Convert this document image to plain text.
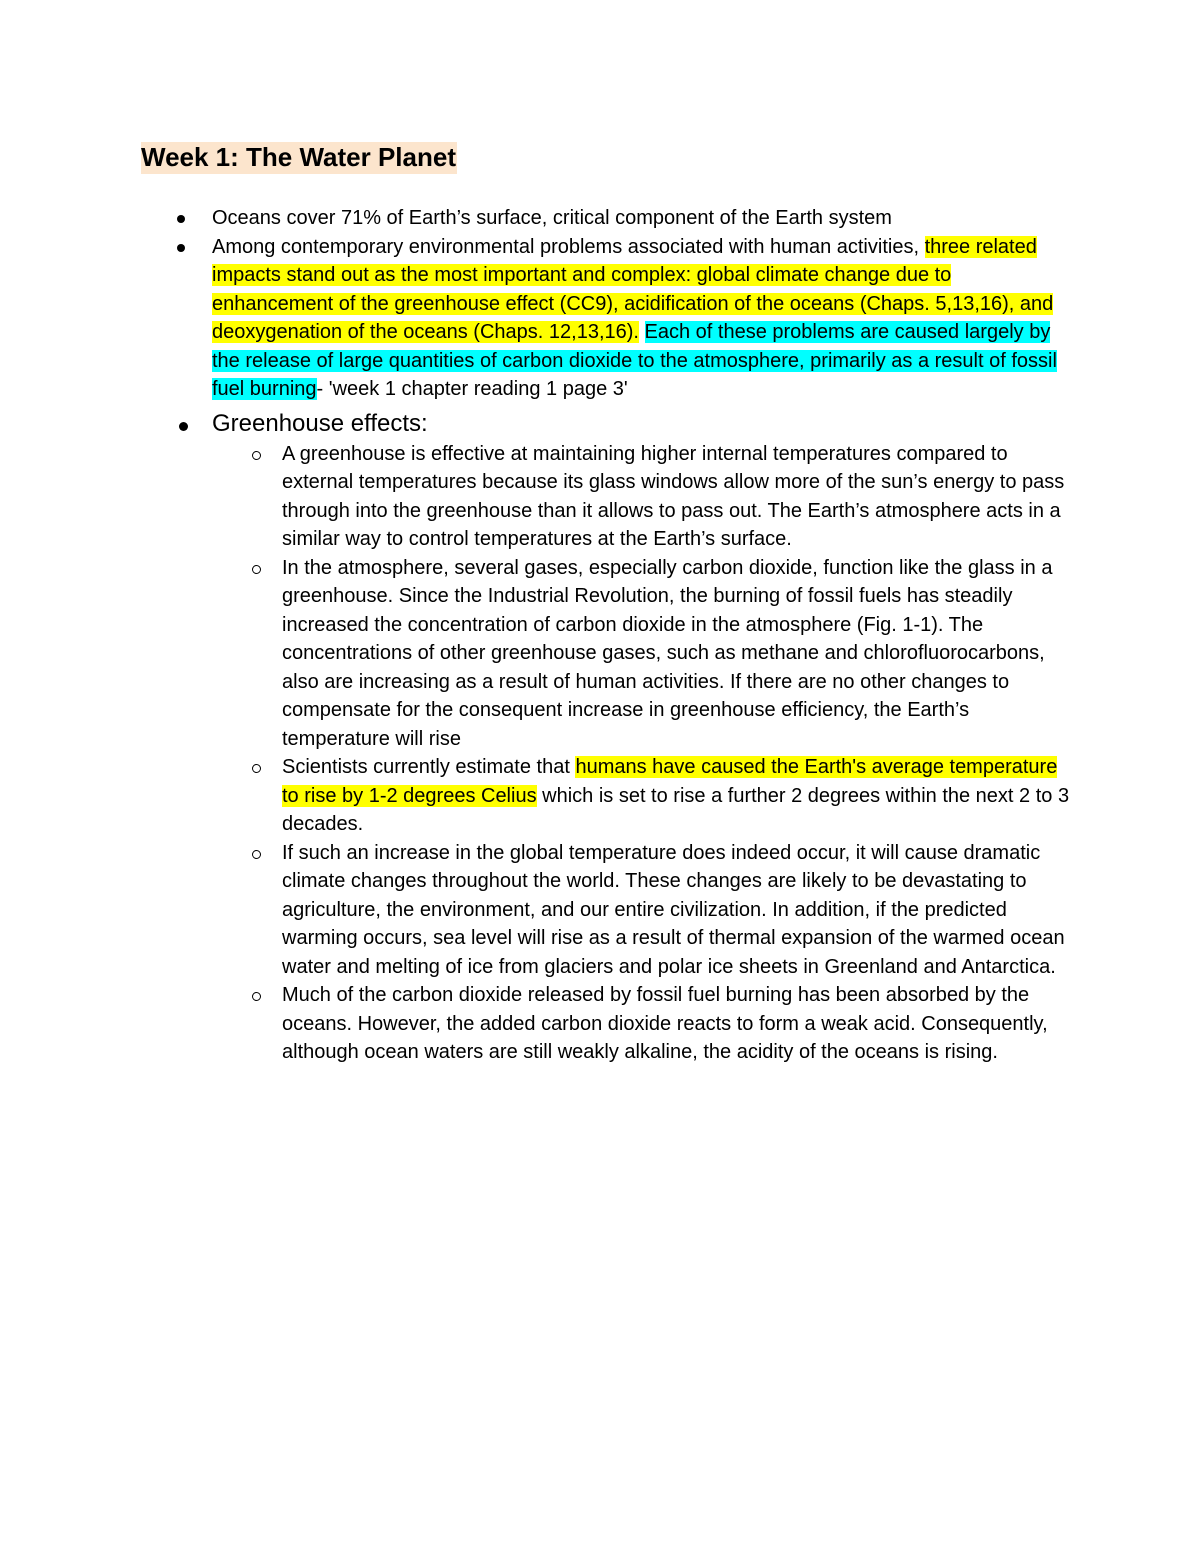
Week 1: The Water Planet
Oceans cover 71% of Earth’s surface, critical component of the Earth system
Among contemporary environmental problems associated with human activities, three related impacts stand out as the most important and complex: global climate change due to enhancement of the greenhouse effect (CC9), acidification of the oceans (Chaps. 5,13,16), and deoxygenation of the oceans (Chaps. 12,13,16). Each of these problems are caused largely by the release of large quantities of carbon dioxide to the atmosphere, primarily as a result of fossil fuel burning- 'week 1 chapter reading 1 page 3'
Greenhouse effects:
A greenhouse is effective at maintaining higher internal temperatures compared to external temperatures because its glass windows allow more of the sun’s energy to pass through into the greenhouse than it allows to pass out. The Earth’s atmosphere acts in a similar way to control temperatures at the Earth’s surface.
In the atmosphere, several gases, especially carbon dioxide, function like the glass in a greenhouse. Since the Industrial Revolution, the burning of fossil fuels has steadily increased the concentration of carbon dioxide in the atmosphere (Fig. 1-1). The concentrations of other greenhouse gases, such as methane and chlorofluorocarbons, also are increasing as a result of human activities. If there are no other changes to compensate for the consequent increase in greenhouse efficiency, the Earth’s temperature will rise
Scientists currently estimate that humans have caused the Earth's average temperature to rise by 1-2 degrees Celius which is set to rise a further 2 degrees within the next 2 to 3 decades.
If such an increase in the global temperature does indeed occur, it will cause dramatic climate changes throughout the world. These changes are likely to be devastating to agriculture, the environment, and our entire civilization. In addition, if the predicted warming occurs, sea level will rise as a result of thermal expansion of the warmed ocean water and melting of ice from glaciers and polar ice sheets in Greenland and Antarctica.
Much of the carbon dioxide released by fossil fuel burning has been absorbed by the oceans. However, the added carbon dioxide reacts to form a weak acid. Consequently, although ocean waters are still weakly alkaline, the acidity of the oceans is rising.
